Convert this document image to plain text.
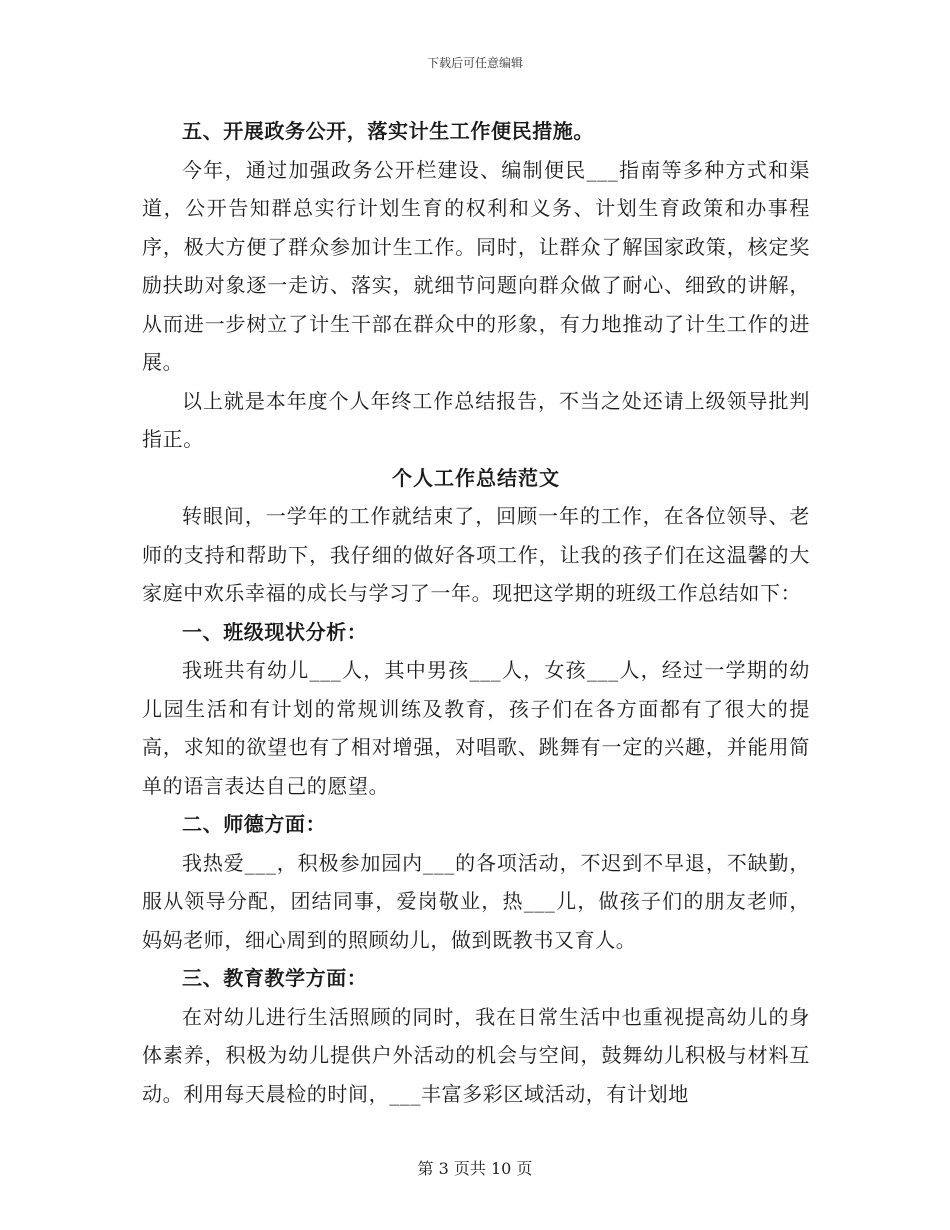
下载后可任意编辑

五、开展政务公开，落实计生工作便民措施。

今年，通过加强政务公开栏建设、编制便民___指南等多种方式和渠道，公开告知群总实行计划生育的权利和义务、计划生育政策和办事程序，极大方便了群众参加计生工作。同时，让群众了解国家政策，核定奖励扶助对象逐一走访、落实，就细节问题向群众做了耐心、细致的讲解，从而进一步树立了计生干部在群众中的形象，有力地推动了计生工作的进展。

以上就是本年度个人年终工作总结报告，不当之处还请上级领导批判指正。

个人工作总结范文

转眼间，一学年的工作就结束了，回顾一年的工作，在各位领导、老师的支持和帮助下，我仔细的做好各项工作，让我的孩子们在这温馨的大家庭中欢乐幸福的成长与学习了一年。现把这学期的班级工作总结如下：

一、班级现状分析：

我班共有幼儿___人，其中男孩___人，女孩___人，经过一学期的幼儿园生活和有计划的常规训练及教育，孩子们在各方面都有了很大的提高，求知的欲望也有了相对增强，对唱歌、跳舞有一定的兴趣，并能用简单的语言表达自己的愿望。

二、师德方面：

我热爱___，积极参加园内___的各项活动，不迟到不早退，不缺勤，服从领导分配，团结同事，爱岗敬业，热___儿，做孩子们的朋友老师，妈妈老师，细心周到的照顾幼儿，做到既教书又育人。

三、教育教学方面：

在对幼儿进行生活照顾的同时，我在日常生活中也重视提高幼儿的身体素养，积极为幼儿提供户外活动的机会与空间，鼓舞幼儿积极与材料互动。利用每天晨检的时间，___丰富多彩区域活动，有计划地

第 3 页共 10 页
